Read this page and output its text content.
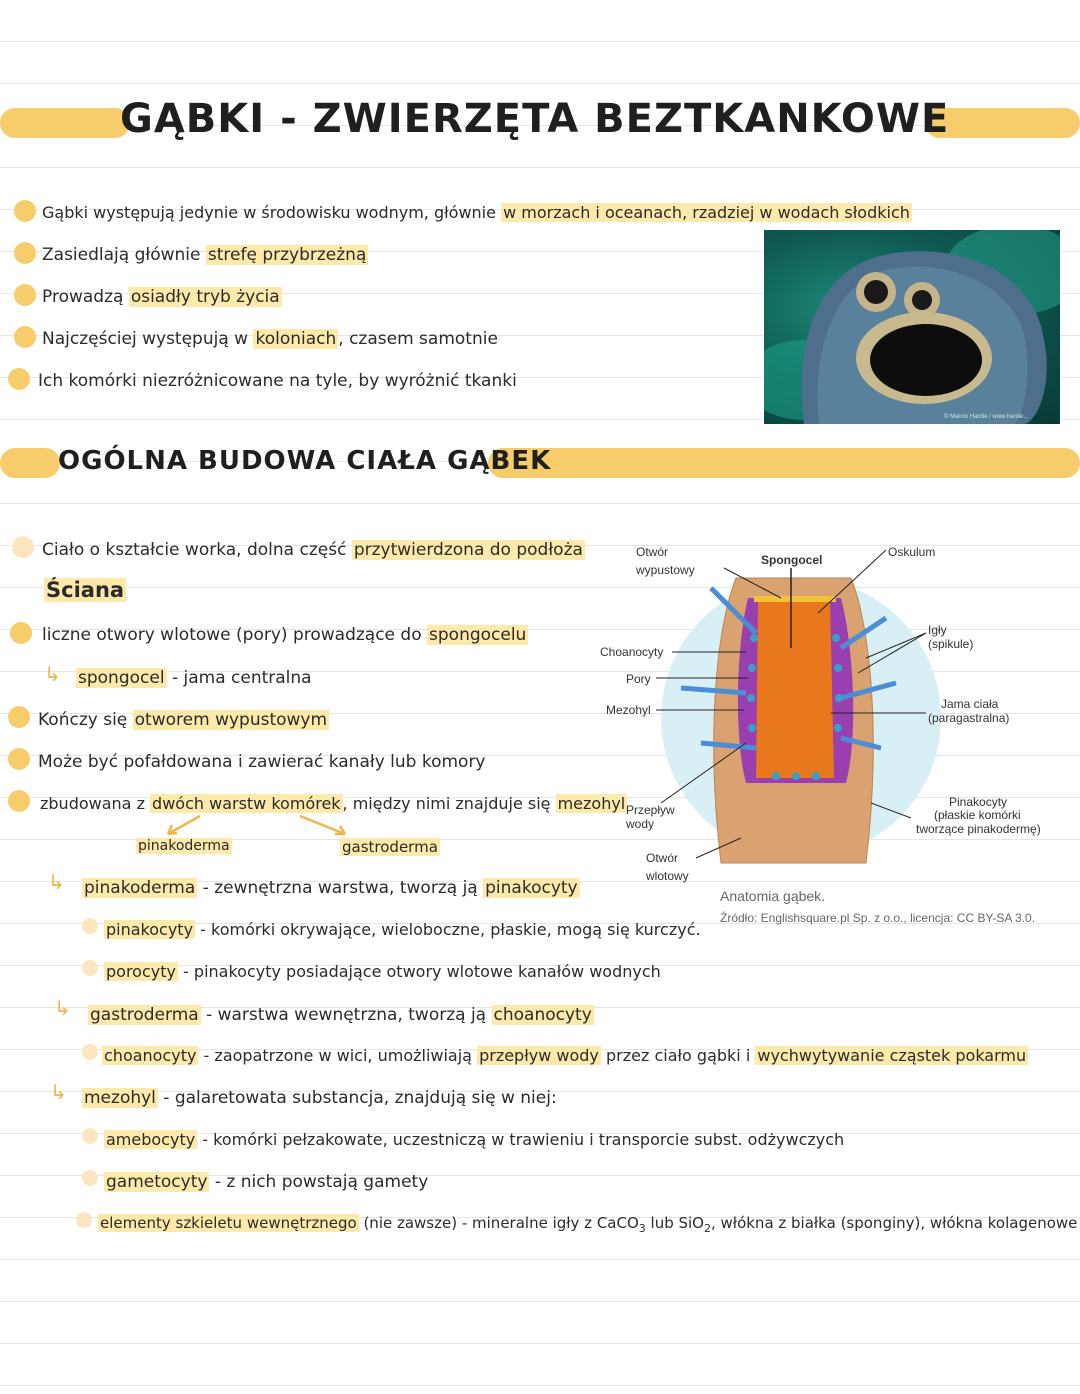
GĄBKI - ZWIERZĘTA BEZTKANKOWE
Gąbki występują jedynie w środowisku wodnym, głównie w morzach i oceanach, rzadziej w wodach słodkich
Zasiedlają głównie strefę przybrzeżną
Prowadzą osiadły tryb życia
Najczęściej występują w koloniach , czasem samotnie
Ich komórki niezróżnicowane na tyle, by wyróżnić tkanki
© Marcin Hardie / www.hardie...
OGÓLNA BUDOWA CIAŁA GĄBEK
Ciało o kształcie worka, dolna część przytwierdzona do podłoża
Ściana
liczne otwory wlotowe (pory) prowadzące do spongocelu
↳ spongocel - jama centralna
Kończy się otworem wypustowym
Może być pofałdowana i zawierać kanały lub komory
zbudowana z dwóch warstw komórek , między nimi znajduje się mezohyl
pinakoderma	gastroderma
↳ pinakoderma - zewnętrzna warstwa, tworzą ją pinakocyty
pinakocyty - komórki okrywające, wieloboczne, płaskie, mogą się kurczyć.
porocyty - pinakocyty posiadające otwory wlotowe kanałów wodnych
↳ gastroderma - warstwa wewnętrzna, tworzą ją choanocyty
choanocyty - zaopatrzone w wici, umożliwiają przepływ wody przez ciało gąbki i wychwytywanie cząstek pokarmu
↳ mezohyl - galaretowata substancja, znajdują się w niej:
amebocyty - komórki pełzakowate, uczestniczą w trawieniu i transporcie subst. odżywczych
gametocyty - z nich powstają gamety
elementy szkieletu wewnętrznego (nie zawsze) - mineralne igły z CaCO$_3$ lub SiO$_2$, włókna z białka (sponginy), włókna kolagenowe
Otwór
wypustowy
Spongocel
Oskulum
Choanocyty
Pory
Mezohyl
Igły
(spikule)
Jama ciała
(paragastralna)
Przepływ
wody
Pinakocyty
(płaskie komórki
tworzące pinakodermę)
Otwór
wlotowy
Anatomia gąbek.
Źródło: Englishsquare.pl Sp. z o.o., licencja: CC BY-SA 3.0.
